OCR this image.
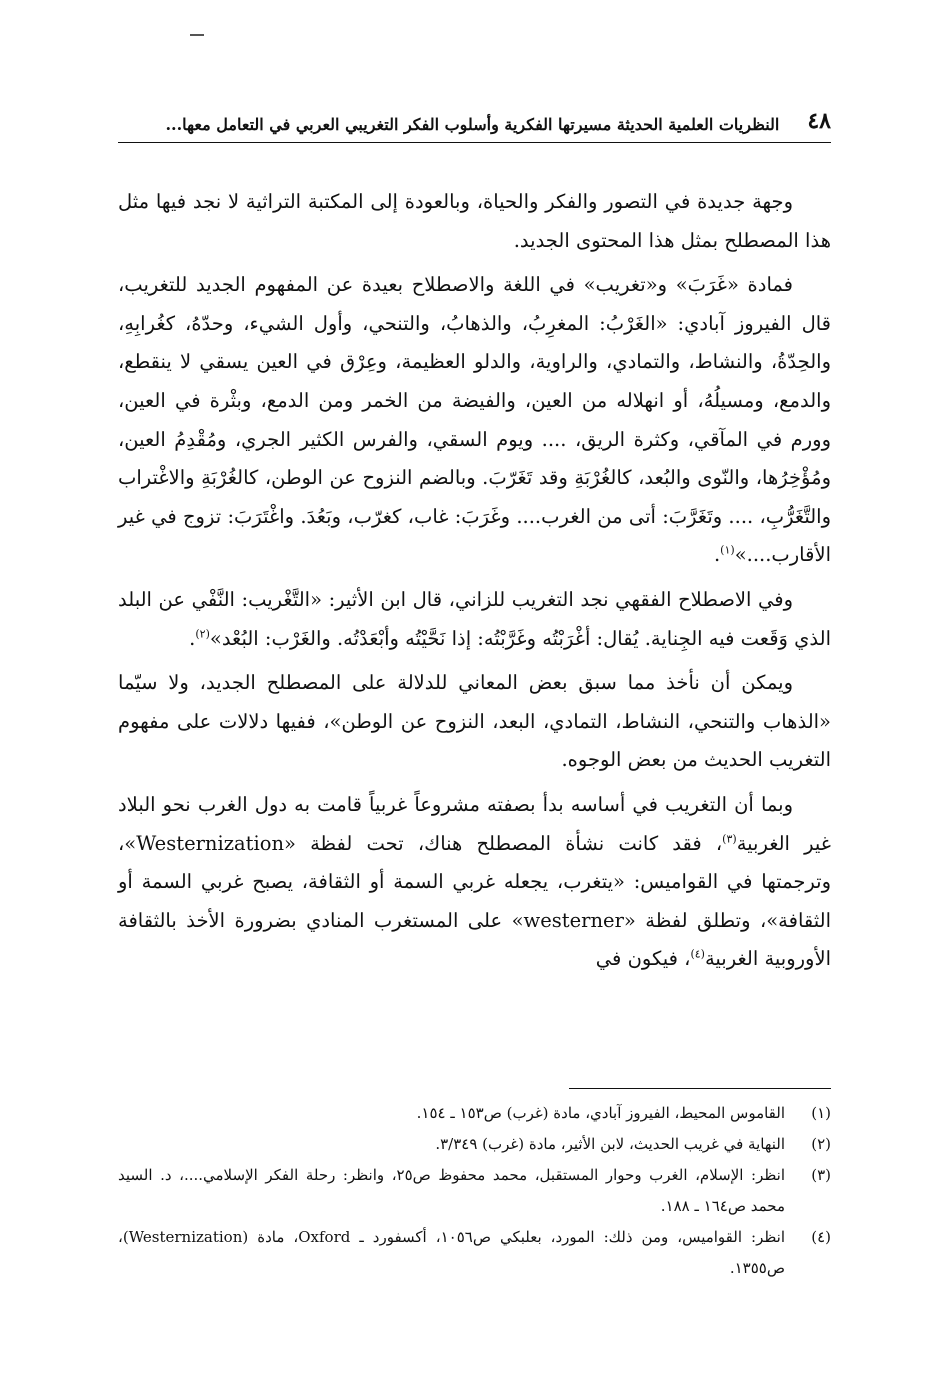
٤٨
النظريات العلمية الحديثة مسيرتها الفكرية وأسلوب الفكر التغريبي العربي في التعامل معها...

وجهة جديدة في التصور والفكر والحياة، وبالعودة إلى المكتبة التراثية لا نجد فيها مثل هذا المصطلح بمثل هذا المحتوى الجديد.

فمادة «غَرَبَ» و«تغريب» في اللغة والاصطلاح بعيدة عن المفهوم الجديد للتغريب، قال الفيروز آبادي: «الغَرْبُ: المغرِبُ، والذهابُ، والتنحي، وأول الشيء، وحدّهُ، كغُرابِهِ، والحِدّةُ، والنشاط، والتمادي، والراوية، والدلو العظيمة، وعِرْق في العين يسقي لا ينقطع، والدمع، ومسيلُهُ، أو انهلاله من العين، والفيضة من الخمر ومن الدمع، وبثْرة في العين، وورم في المآقي، وكثرة الريق، .... ويوم السقي، والفرس الكثير الجري، ومُقْدِمُ العين، ومُؤْخِرُها، والنّوى والبُعد، كالغُرْبَةِ وقد تَغَرّبَ. وبالضم النزوح عن الوطن، كالغُرْبَةِ والاغْتراب والتَّغَرُّبِ، .... وتَغَرَّبَ: أتى من الغرب.... وغَرَبَ: غاب، كغرّب، وبَعُدَ. واغْتَرَبَ: تزوج في غير الأقارب....»$^{(١)}$.

وفي الاصطلاح الفقهي نجد التغريب للزاني، قال ابن الأثير: «التَّغْريب: النَّفْي عن البلد الذي وَقَعت فيه الجِناية. يُقال: أغْرَبْتُه وغَرَّبْتُه: إذا نَحَّيْتُه وأبْعَدْتُه. والغَرْب: البُعْد»$^{(٢)}$.

ويمكن أن نأخذ مما سبق بعض المعاني للدلالة على المصطلح الجديد، ولا سيّما «الذهاب والتنحي، النشاط، التمادي، البعد، النزوح عن الوطن»، ففيها دلالات على مفهوم التغريب الحديث من بعض الوجوه.

وبما أن التغريب في أساسه بدأ بصفته مشروعاً غربياً قامت به دول الغرب نحو البلاد غير الغربية$^{(٣)}$، فقد كانت نشأة المصطلح هناك، تحت لفظة «Westernization»، وترجمتها في القواميس: «يتغرب، يجعله غربي السمة أو الثقافة، يصبح غربي السمة أو الثقافة»، وتطلق لفظة «westerner» على المستغرب المنادي بضرورة الأخذ بالثقافة الأوروبية الغربية$^{(٤)}$، فيكون في

(١)
القاموس المحيط، الفيروز آبادي، مادة (غرب) ص١٥٣ ـ ١٥٤.
(٢)
النهاية في غريب الحديث، لابن الأثير، مادة (غرب) ٣/٣٤٩.
(٣)
انظر: الإسلام، الغرب وحوار المستقبل، محمد محفوظ ص٢٥، وانظر: رحلة الفكر الإسلامي....، د. السيد محمد ص١٦٤ ـ ١٨٨.
(٤)
انظر: القواميس، ومن ذلك: المورد، بعلبكي ص١٠٥٦، أكسفورد ـ Oxford، مادة (Westernization)، ص١٣٥٥.
